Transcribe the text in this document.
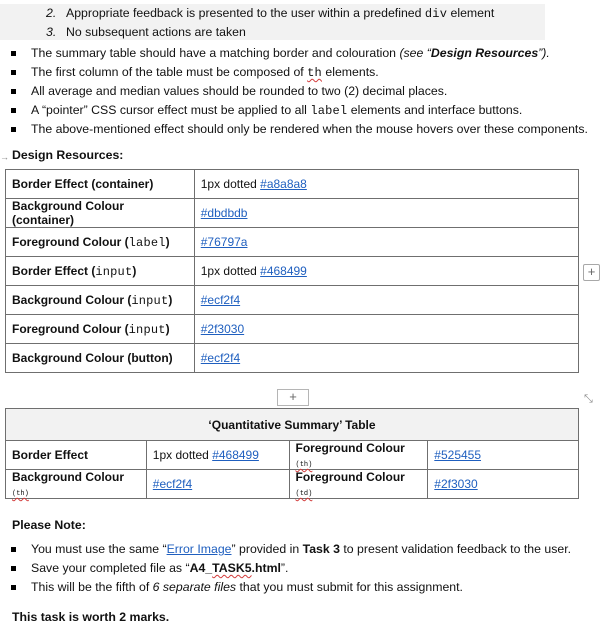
2. Appropriate feedback is presented to the user within a predefined div element
3. No subsequent actions are taken
The summary table should have a matching border and colouration (see “Design Resources”).
The first column of the table must be composed of th elements.
All average and median values should be rounded to two (2) decimal places.
A “pointer” CSS cursor effect must be applied to all label elements and interface buttons.
The above-mentioned effect should only be rendered when the mouse hovers over these components.
→ Design Resources:
Border Effect (container)	1px dotted #a8a8a8
Background Colour (container)	#dbdbdb
Foreground Colour (label)	#76797a
Border Effect (input)	1px dotted #468499
Background Colour (input)	#ecf2f4
Foreground Colour (input)	#2f3030
Background Colour (button)	#ecf2f4
+
+	⤡
‘Quantitative Summary’ Table			
Border Effect	1px dotted #468499	Foreground Colour (th)	#525455
Background Colour (th)	#ecf2f4	Foreground Colour (td)	#2f3030
Please Note:
You must use the same “Error Image” provided in Task 3 to present validation feedback to the user.
Save your completed file as “A4_TASK5.html”.
This will be the fifth of 6 separate files that you must submit for this assignment.
This task is worth 2 marks.
